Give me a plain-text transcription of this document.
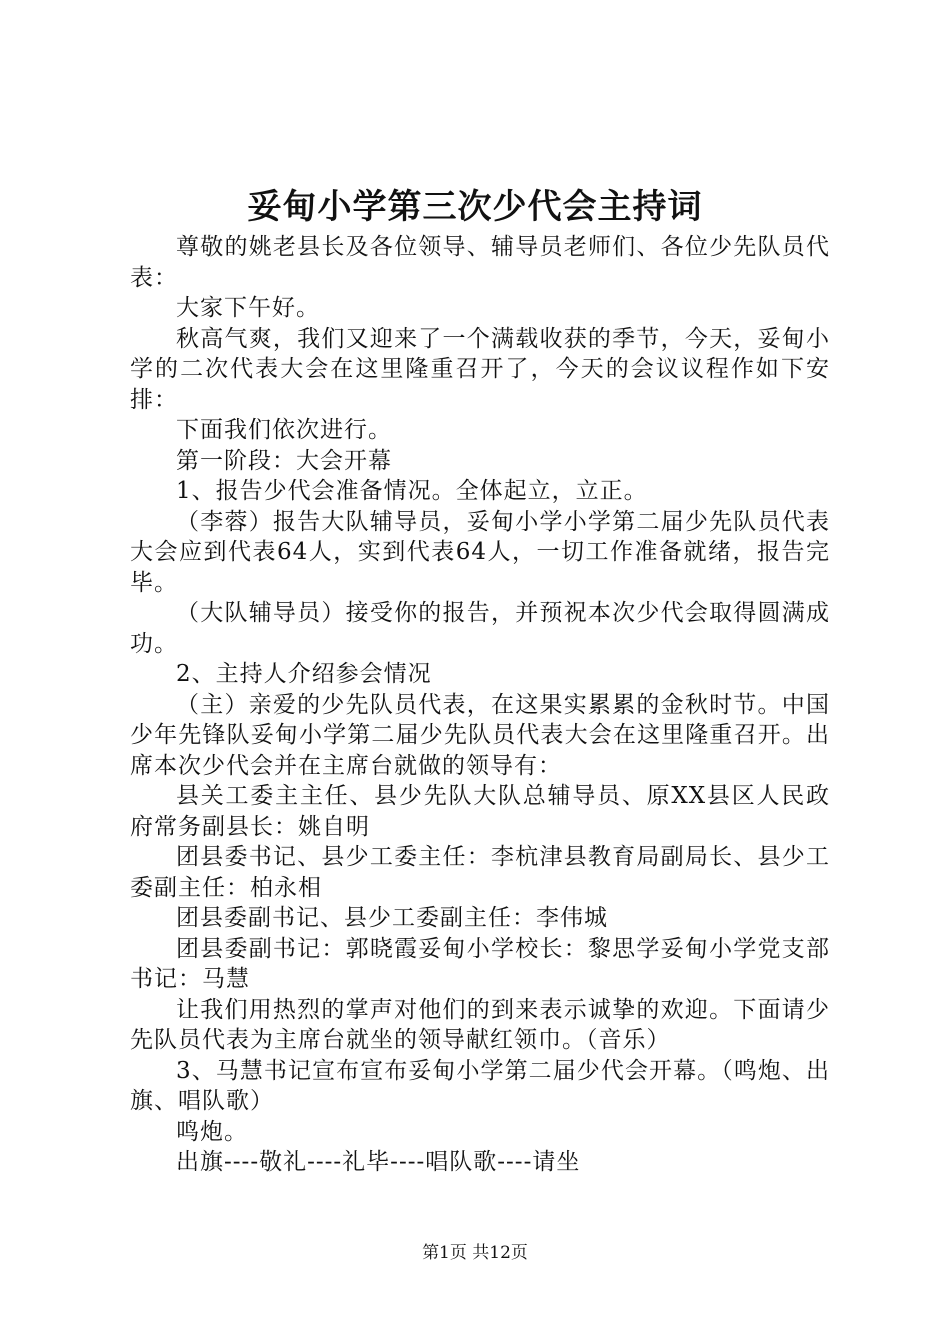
妥甸小学第三次少代会主持词

尊敬的姚老县长及各位领导、辅导员老师们、各位少先队员代表：

大家下午好。

秋高气爽，我们又迎来了一个满载收获的季节，今天，妥甸小学的二次代表大会在这里隆重召开了，今天的会议议程作如下安排：

下面我们依次进行。

第一阶段：大会开幕

1、报告少代会准备情况。全体起立，立正。

（李蓉）报告大队辅导员，妥甸小学小学第二届少先队员代表大会应到代表64人，实到代表64人，一切工作准备就绪，报告完毕。

（大队辅导员）接受你的报告，并预祝本次少代会取得圆满成功。

2、主持人介绍参会情况

（主）亲爱的少先队员代表，在这果实累累的金秋时节。中国少年先锋队妥甸小学第二届少先队员代表大会在这里隆重召开。出席本次少代会并在主席台就做的领导有：

县关工委主主任、县少先队大队总辅导员、原XX县区人民政府常务副县长：姚自明

团县委书记、县少工委主任：李杭津县教育局副局长、县少工委副主任：柏永相

团县委副书记、县少工委副主任：李伟城

团县委副书记：郭晓霞妥甸小学校长：黎思学妥甸小学党支部书记：马慧

让我们用热烈的掌声对他们的到来表示诚挚的欢迎。下面请少先队员代表为主席台就坐的领导献红领巾。（音乐）

3、马慧书记宣布宣布妥甸小学第二届少代会开幕。（鸣炮、出旗、唱队歌）

鸣炮。

出旗----敬礼----礼毕----唱队歌----请坐

第1页 共12页
